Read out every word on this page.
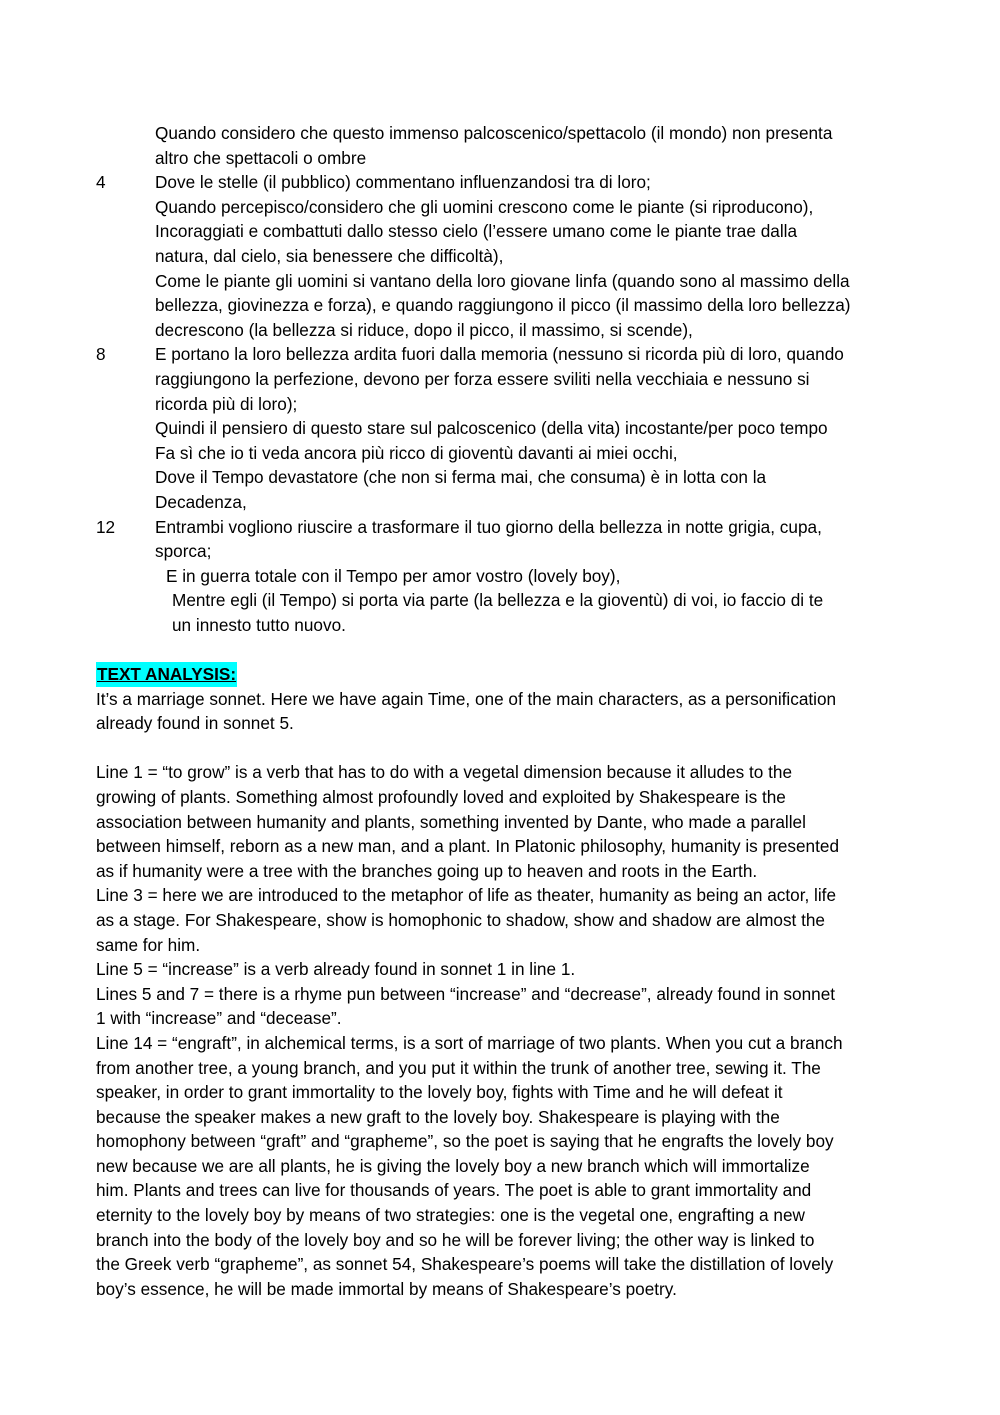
Quando considero che questo immenso palcoscenico/spettacolo (il mondo) non presenta
altro che spettacoli o ombre
4	Dove le stelle (il pubblico) commentano influenzandosi tra di loro;
Quando percepisco/considero che gli uomini crescono come le piante (si riproducono),
Incoraggiati e combattuti dallo stesso cielo (l’essere umano come le piante trae dalla
natura, dal cielo, sia benessere che difficoltà),
Come le piante gli uomini si vantano della loro giovane linfa (quando sono al massimo della
bellezza, giovinezza e forza), e quando raggiungono il picco (il massimo della loro bellezza)
decrescono (la bellezza si riduce, dopo il picco, il massimo, si scende),
8	E portano la loro bellezza ardita fuori dalla memoria (nessuno si ricorda più di loro, quando
raggiungono la perfezione, devono per forza essere sviliti nella vecchiaia e nessuno si
ricorda più di loro);
Quindi il pensiero di questo stare sul palcoscenico (della vita) incostante/per poco tempo
Fa sì che io ti veda ancora più ricco di gioventù davanti ai miei occhi,
Dove il Tempo devastatore (che non si ferma mai, che consuma) è in lotta con la
Decadenza,
12 Entrambi vogliono riuscire a trasformare il tuo giorno della bellezza in notte grigia, cupa,
sporca;
E in guerra totale con il Tempo per amor vostro (lovely boy),
Mentre egli (il Tempo) si porta via parte (la bellezza e la gioventù) di voi, io faccio di te
un innesto tutto nuovo.
TEXT ANALYSIS:
It’s a marriage sonnet. Here we have again Time, one of the main characters, as a personification
already found in sonnet 5.
Line 1 = “to grow” is a verb that has to do with a vegetal dimension because it alludes to the
growing of plants. Something almost profoundly loved and exploited by Shakespeare is the
association between humanity and plants, something invented by Dante, who made a parallel
between himself, reborn as a new man, and a plant. In Platonic philosophy, humanity is presented
as if humanity were a tree with the branches going up to heaven and roots in the Earth.
Line 3 = here we are introduced to the metaphor of life as theater, humanity as being an actor, life
as a stage. For Shakespeare, show is homophonic to shadow, show and shadow are almost the
same for him.
Line 5 = “increase” is a verb already found in sonnet 1 in line 1.
Lines 5 and 7 = there is a rhyme pun between “increase” and “decrease”, already found in sonnet
1 with “increase” and “decease”.
Line 14 = “engraft”, in alchemical terms, is a sort of marriage of two plants. When you cut a branch
from another tree, a young branch, and you put it within the trunk of another tree, sewing it. The
speaker, in order to grant immortality to the lovely boy, fights with Time and he will defeat it
because the speaker makes a new graft to the lovely boy. Shakespeare is playing with the
homophony between “graft” and “grapheme”, so the poet is saying that he engrafts the lovely boy
new because we are all plants, he is giving the lovely boy a new branch which will immortalize
him. Plants and trees can live for thousands of years. The poet is able to grant immortality and
eternity to the lovely boy by means of two strategies: one is the vegetal one, engrafting a new
branch into the body of the lovely boy and so he will be forever living; the other way is linked to
the Greek verb “grapheme”, as sonnet 54, Shakespeare’s poems will take the distillation of lovely
boy’s essence, he will be made immortal by means of Shakespeare’s poetry.
